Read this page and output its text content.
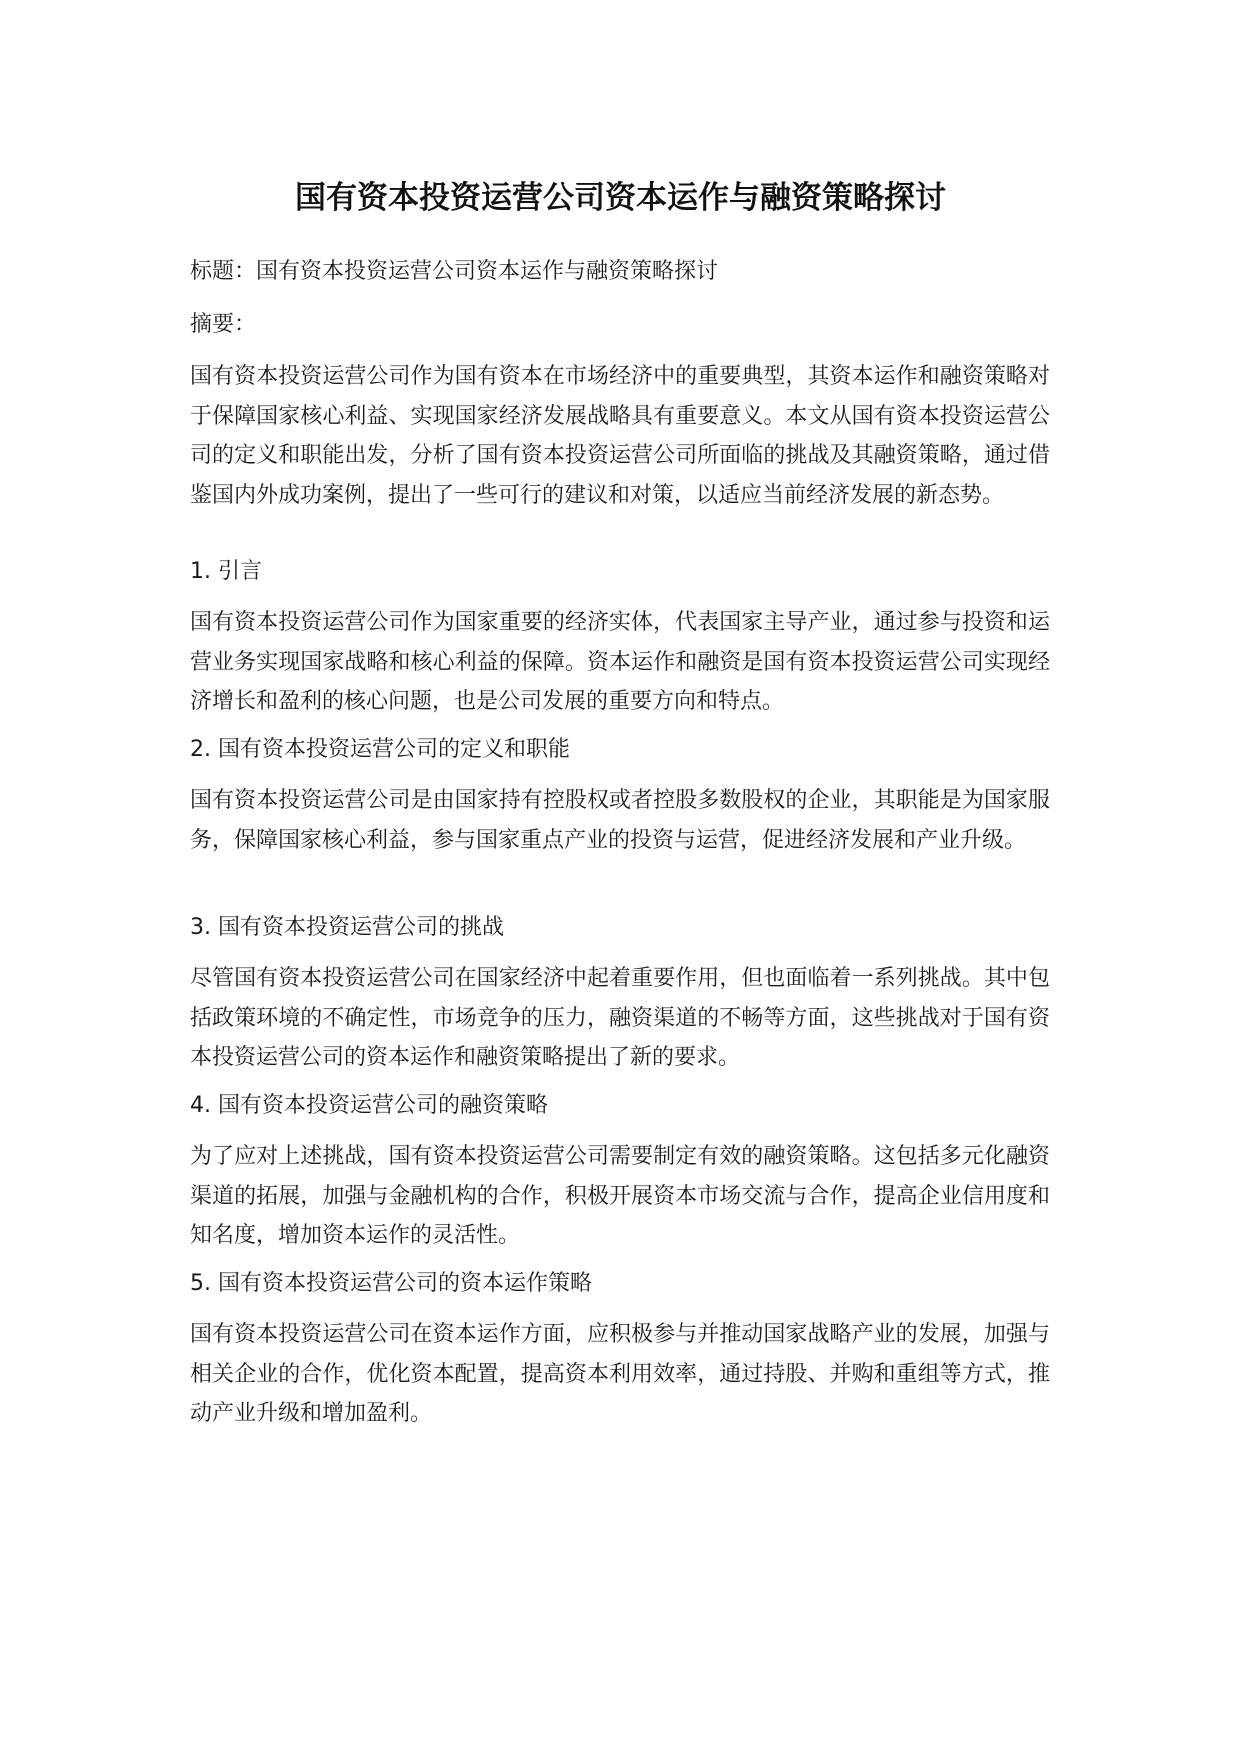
国有资本投资运营公司资本运作与融资策略探讨

标题：国有资本投资运营公司资本运作与融资策略探讨

摘要：

国有资本投资运营公司作为国有资本在市场经济中的重要典型，其资本运作和融资策略对于保障国家核心利益、实现国家经济发展战略具有重要意义。本文从国有资本投资运营公司的定义和职能出发，分析了国有资本投资运营公司所面临的挑战及其融资策略，通过借鉴国内外成功案例，提出了一些可行的建议和对策，以适应当前经济发展的新态势。

1. 引言

国有资本投资运营公司作为国家重要的经济实体，代表国家主导产业，通过参与投资和运营业务实现国家战略和核心利益的保障。资本运作和融资是国有资本投资运营公司实现经济增长和盈利的核心问题，也是公司发展的重要方向和特点。

2. 国有资本投资运营公司的定义和职能

国有资本投资运营公司是由国家持有控股权或者控股多数股权的企业，其职能是为国家服务，保障国家核心利益，参与国家重点产业的投资与运营，促进经济发展和产业升级。

3. 国有资本投资运营公司的挑战

尽管国有资本投资运营公司在国家经济中起着重要作用，但也面临着一系列挑战。其中包括政策环境的不确定性，市场竞争的压力，融资渠道的不畅等方面，这些挑战对于国有资本投资运营公司的资本运作和融资策略提出了新的要求。

4. 国有资本投资运营公司的融资策略

为了应对上述挑战，国有资本投资运营公司需要制定有效的融资策略。这包括多元化融资渠道的拓展，加强与金融机构的合作，积极开展资本市场交流与合作，提高企业信用度和知名度，增加资本运作的灵活性。

5. 国有资本投资运营公司的资本运作策略

国有资本投资运营公司在资本运作方面，应积极参与并推动国家战略产业的发展，加强与相关企业的合作，优化资本配置，提高资本利用效率，通过持股、并购和重组等方式，推动产业升级和增加盈利。
